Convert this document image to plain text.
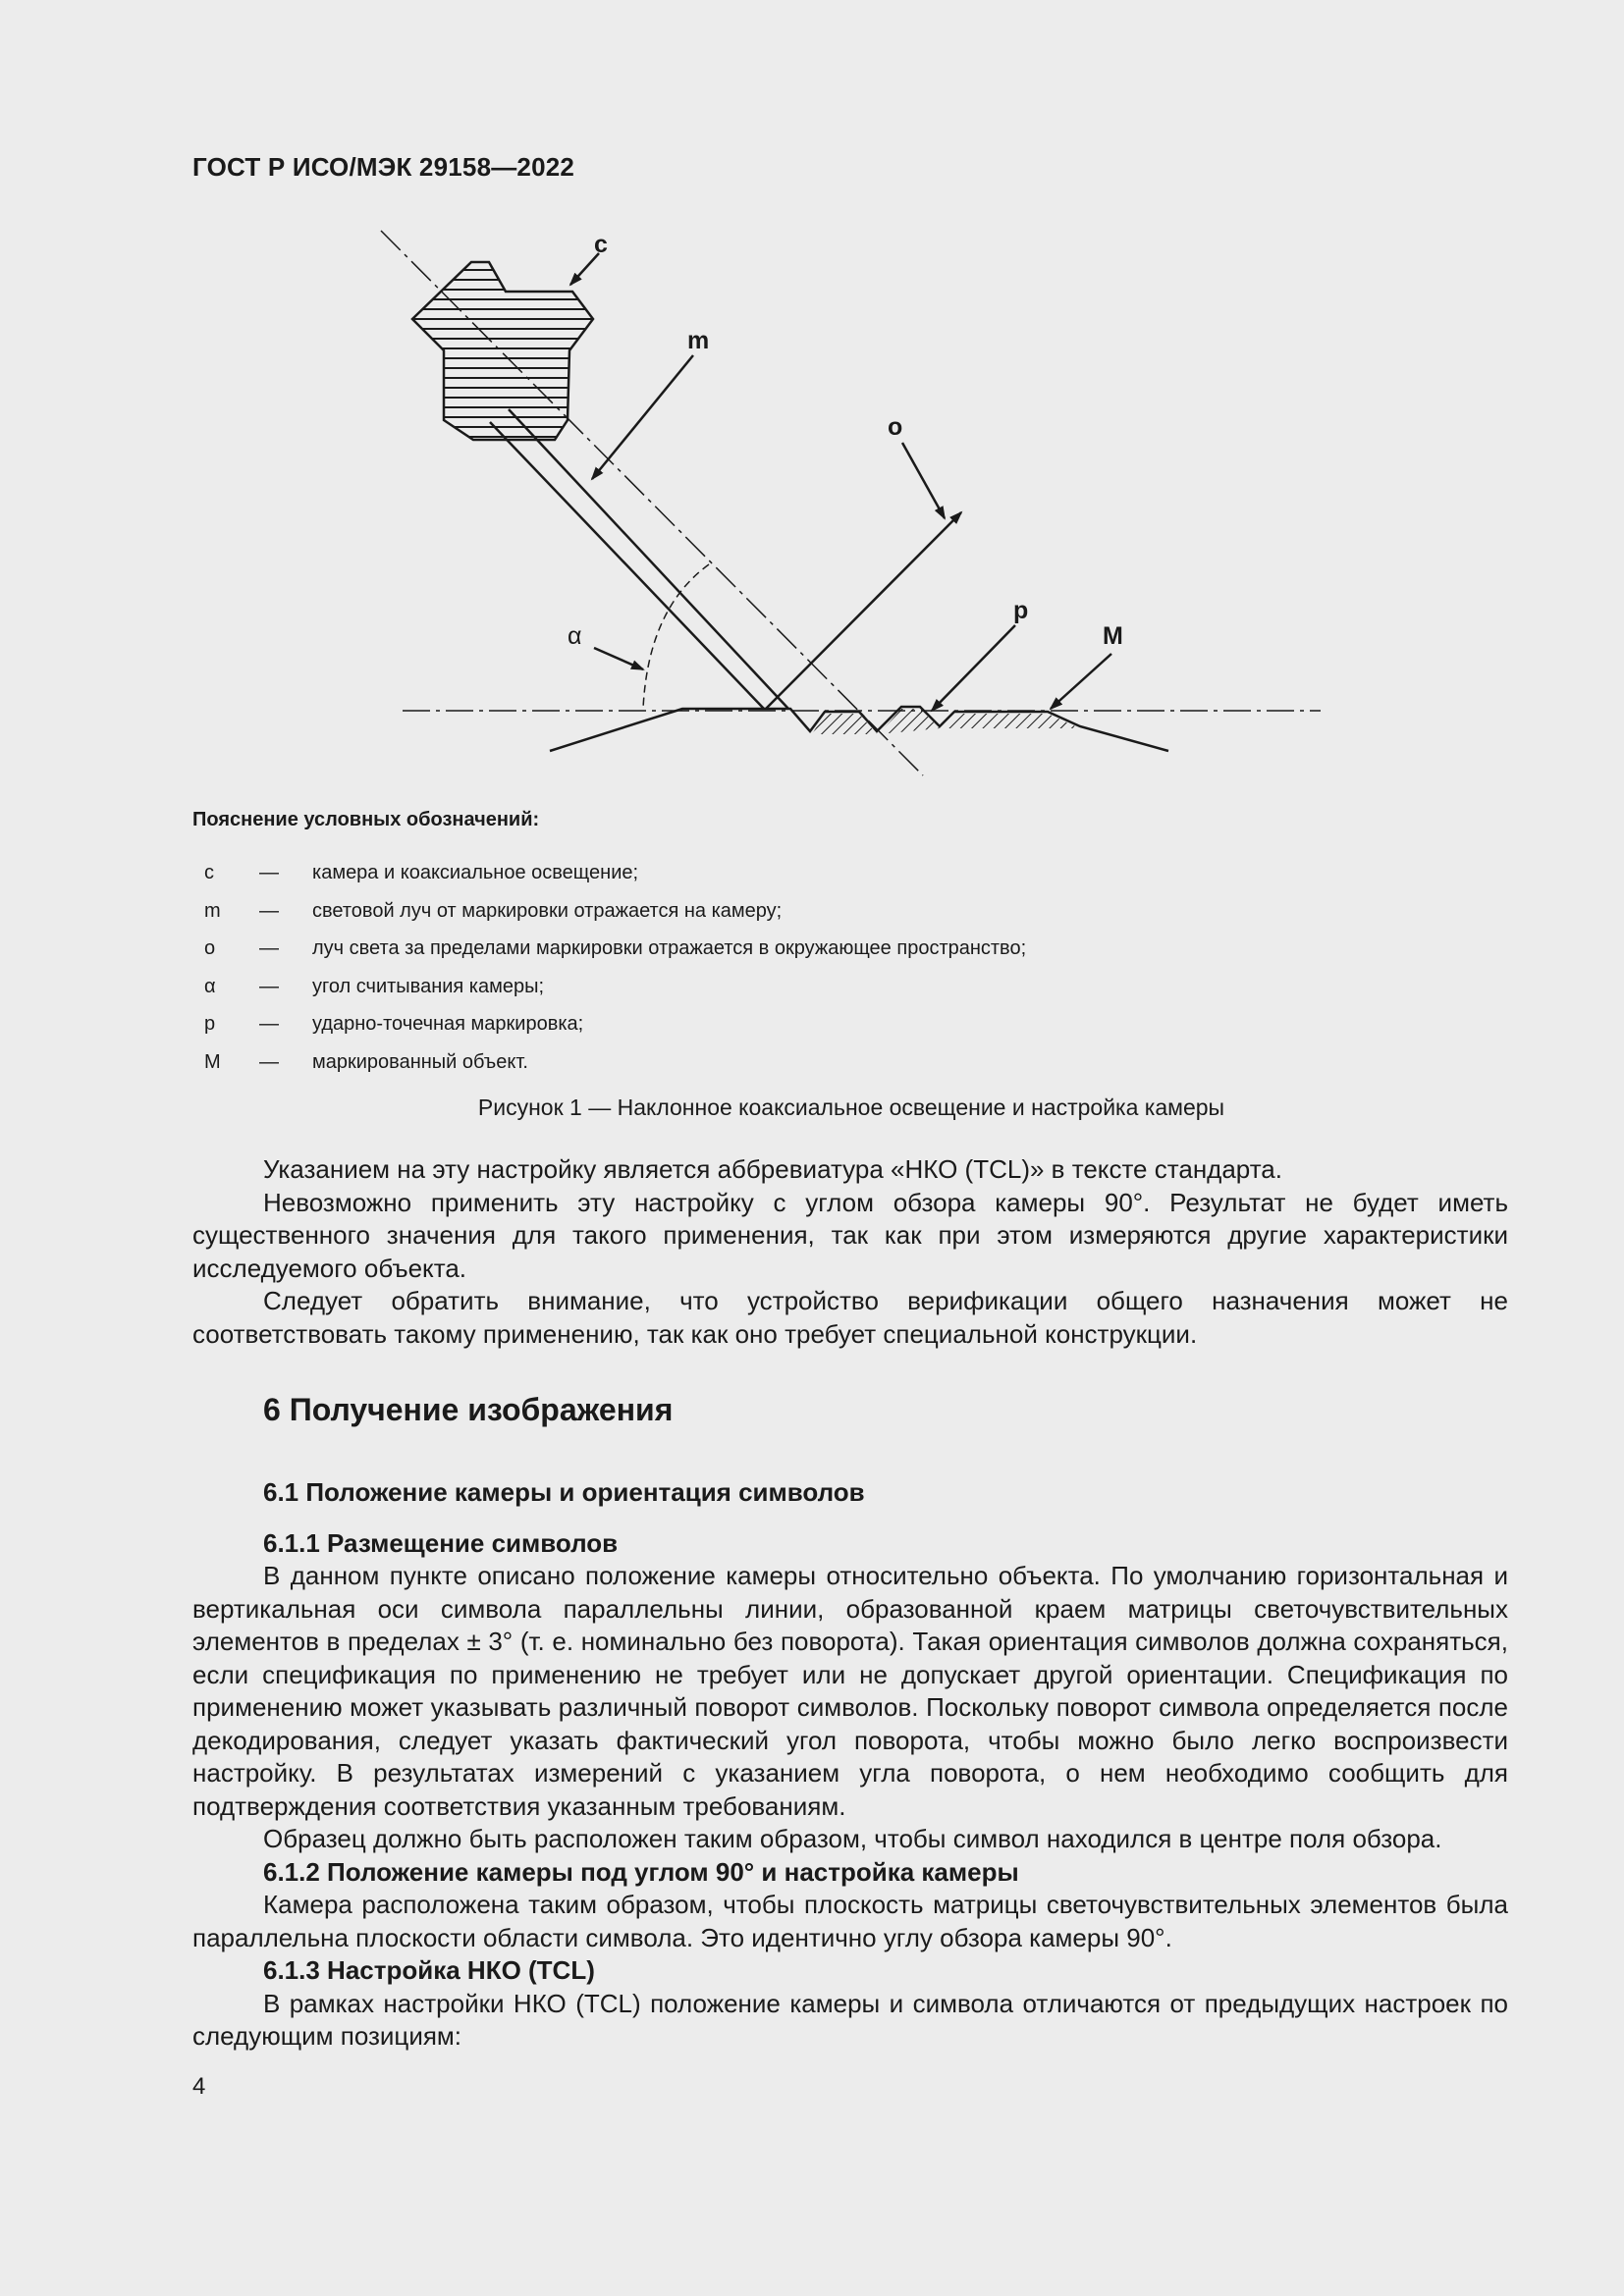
ГОСТ Р ИСО/МЭК 29158—2022
c
m
o
α
p
M
Пояснение условных обозначений:
c — камера и коаксиальное освещение;
m — световой луч от маркировки отражается на камеру;
o — луч света за пределами маркировки отражается в окружающее пространство;
α — угол считывания камеры;
p — ударно-точечная маркировка;
M — маркированный объект.
Рисунок 1 — Наклонное коаксиальное освещение и настройка камеры

Указанием на эту настройку является аббревиатура «НКО (TCL)» в тексте стандарта.

Невозможно применить эту настройку с углом обзора камеры 90°. Результат не будет иметь существенного значения для такого применения, так как при этом измеряются другие характеристики исследуемого объекта.

Следует обратить внимание, что устройство верификации общего назначения может не соответствовать такому применению, так как оно требует специальной конструкции.

6 Получение изображения
6.1 Положение камеры и ориентация символов
6.1.1 Размещение символов

В данном пункте описано положение камеры относительно объекта. По умолчанию горизонтальная и вертикальная оси символа параллельны линии, образованной краем матрицы светочувствительных элементов в пределах ± 3° (т. е. номинально без поворота). Такая ориентация символов должна сохраняться, если спецификация по применению не требует или не допускает другой ориентации. Спецификация по применению может указывать различный поворот символов. Поскольку поворот символа определяется после декодирования, следует указать фактический угол поворота, чтобы можно было легко воспроизвести настройку. В результатах измерений с указанием угла поворота, о нем необходимо сообщить для подтверждения соответствия указанным требованиям.

Образец должно быть расположен таким образом, чтобы символ находился в центре поля обзора.

6.1.2 Положение камеры под углом 90° и настройка камеры

Камера расположена таким образом, чтобы плоскость матрицы светочувствительных элементов была параллельна плоскости области символа. Это идентично углу обзора камеры 90°.

6.1.3 Настройка НКО (TCL)

В рамках настройки НКО (TCL) положение камеры и символа отличаются от предыдущих настроек по следующим позициям:

4
